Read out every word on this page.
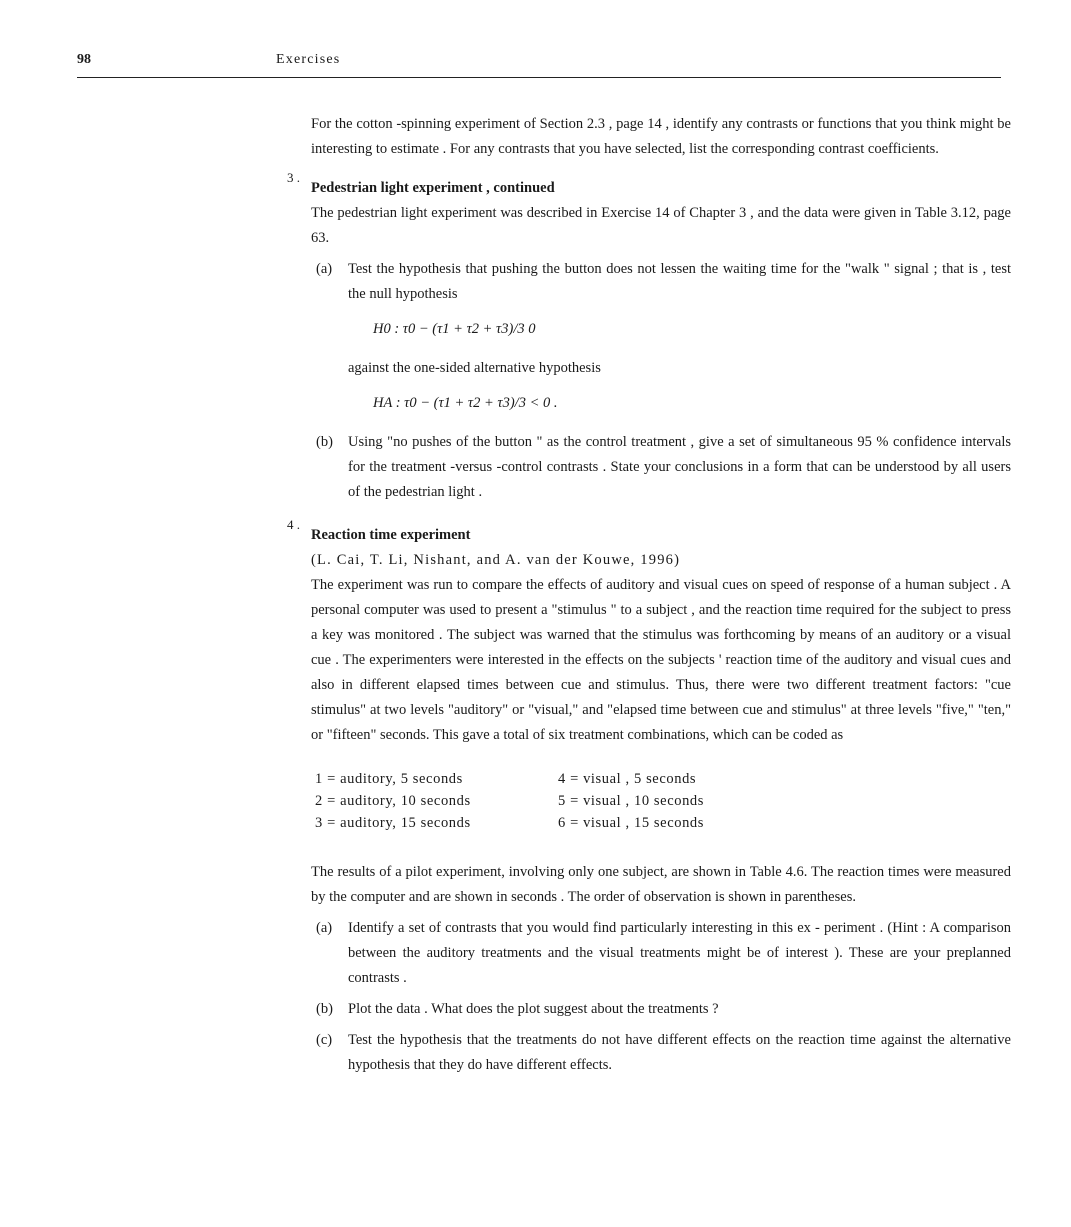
98	Exercises

For the cotton -spinning experiment of Section 2.3 , page 14 , identify any contrasts or functions that you think might be interesting to estimate . For any contrasts that you have selected, list the corresponding contrast coefficients.

3 .
Pedestrian light experiment , continued

The pedestrian light experiment was described in Exercise 14 of Chapter 3 , and the data were given in Table 3.12, page 63.

(a) Test the hypothesis that pushing the button does not lessen the waiting time for the "walk " signal ; that is , test the null hypothesis

H0 : τ0 − (τ1 + τ2 + τ3)/3 0

against the one-sided alternative hypothesis

HA : τ0 − (τ1 + τ2 + τ3)/3 < 0 .
(b) Using "no pushes of the button " as the control treatment , give a set of simultaneous 95 % confidence intervals for the treatment -versus -control contrasts . State your conclusions in a form that can be understood by all users of the pedestrian light .

4 .
Reaction time experiment

(L. Cai, T. Li, Nishant, and A. van der Kouwe, 1996)

The experiment was run to compare the effects of auditory and visual cues on speed of response of a human subject . A personal computer was used to present a "stimulus " to a subject , and the reaction time required for the subject to press a key was monitored . The subject was warned that the stimulus was forthcoming by means of an auditory or a visual cue . The experimenters were interested in the effects on the subjects ' reaction time of the auditory and visual cues and also in different elapsed times between cue and stimulus. Thus, there were two different treatment factors: "cue stimulus" at two levels "auditory" or "visual," and "elapsed time between cue and stimulus" at three levels "five," "ten," or "fifteen" seconds. This gave a total of six treatment combinations, which can be coded as

1 = auditory, 5 seconds	4 = visual , 5 seconds
2 = auditory, 10 seconds	5 = visual , 10 seconds
3 = auditory, 15 seconds	6 = visual , 15 seconds

The results of a pilot experiment, involving only one subject, are shown in Table 4.6. The reaction times were measured by the computer and are shown in seconds . The order of observation is shown in parentheses.

(a) Identify a set of contrasts that you would find particularly interesting in this ex - periment . (Hint : A comparison between the auditory treatments and the visual treatments might be of interest ). These are your preplanned contrasts .

(b) Plot the data . What does the plot suggest about the treatments ?

(c) Test the hypothesis that the treatments do not have different effects on the reaction time against the alternative hypothesis that they do have different effects.
